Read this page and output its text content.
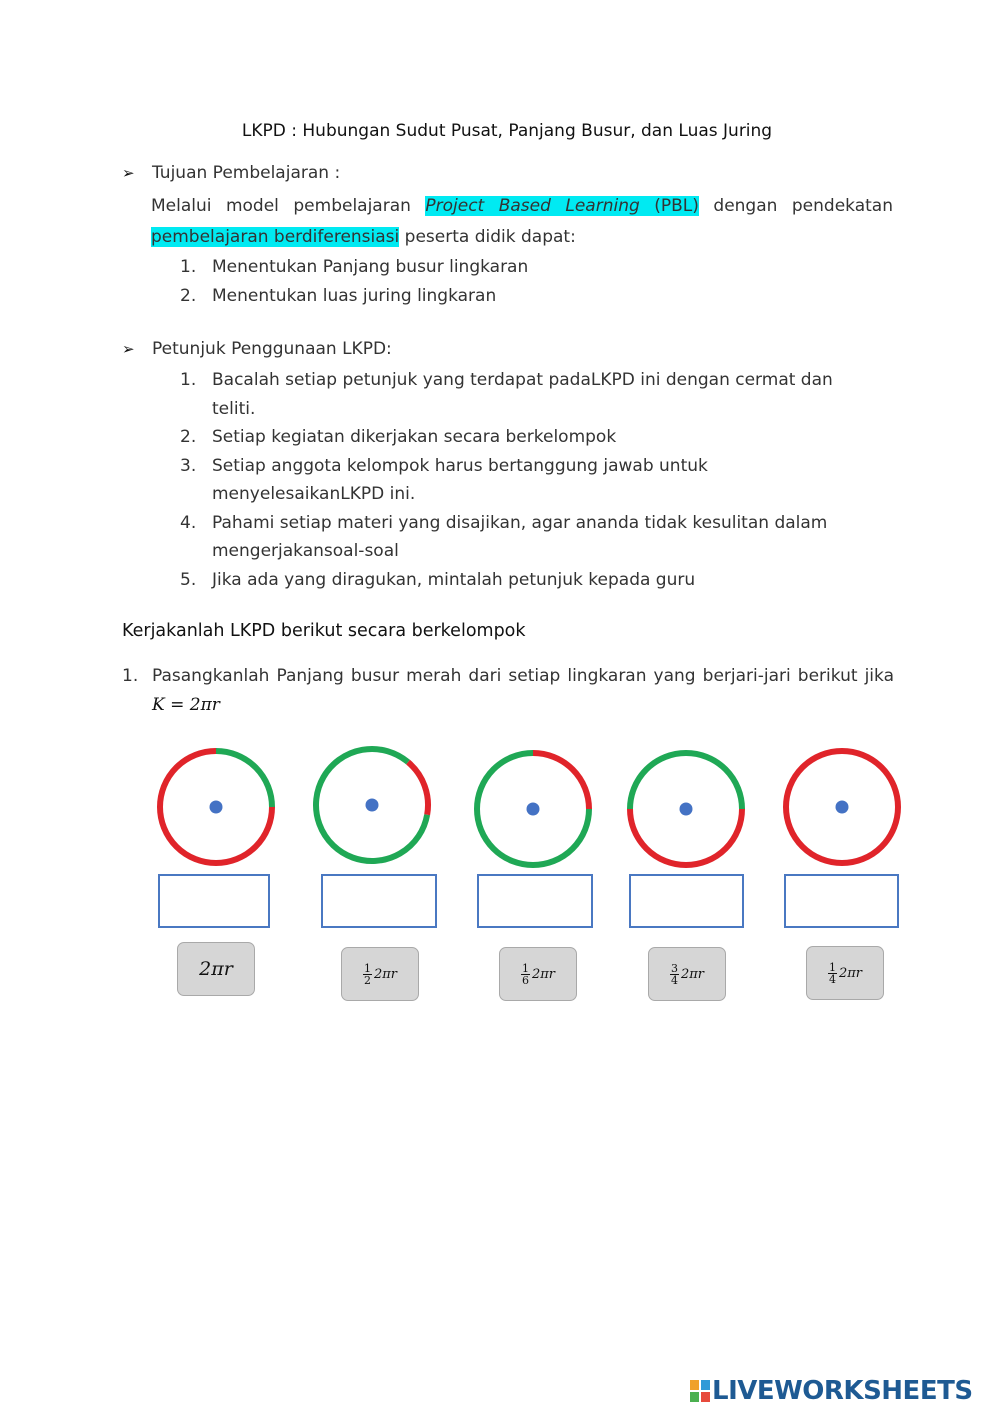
LKPD : Hubungan Sudut Pusat, Panjang Busur, dan Luas Juring
➢ Tujuan Pembelajaran :
Melalui model pembelajaran Project Based Learning (PBL) dengan pendekatan pembelajaran berdiferensiasi peserta didik dapat:
1. Menentukan Panjang busur lingkaran
2. Menentukan luas juring lingkaran
➢ Petunjuk Penggunaan LKPD:
1. Bacalah setiap petunjuk yang terdapat padaLKPD ini dengan cermat dan teliti.
2. Setiap kegiatan dikerjakan secara berkelompok
3. Setiap anggota kelompok harus bertanggung jawab untuk menyelesaikanLKPD ini.
4. Pahami setiap materi yang disajikan, agar ananda tidak kesulitan dalam mengerjakansoal-soal
5. Jika ada yang diragukan, mintalah petunjuk kepada guru
Kerjakanlah LKPD berikut secara berkelompok
1. Pasangkanlah Panjang busur merah dari setiap lingkaran yang berjari-jari berikut jika K = 2πr
2πr	$\frac{1}{2} 2\pi r$	$\frac{1}{6} 2\pi r$	$\frac{3}{4} 2\pi r$	$\frac{1}{4} 2\pi r$
LIVEWORKSHEETS
